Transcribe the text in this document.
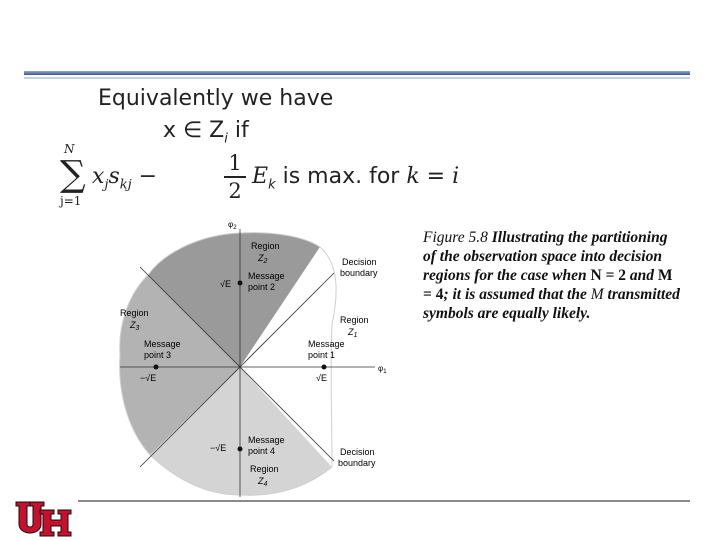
Equivalently we have
x ∈ $Z_i$ if
N
∑
j=1
$x_js_{kj}$ −
1
2
$E_k$ is max. for k = i
$\varphi_2$
$\varphi_1$
Region
$Z_2$
Message
point 2
√E
Decision
boundary
Region
$Z_3$
Message
point 3
−√E
Region
$Z_1$
Message
point 1
√E
−√E
Message
point 4
Region
$Z_4$
Decision
boundary
Figure 5.8 Illustrating the partitioning of the observation space into decision regions for the case when N = 2 and M = 4; it is assumed that the M transmitted symbols are equally likely.
